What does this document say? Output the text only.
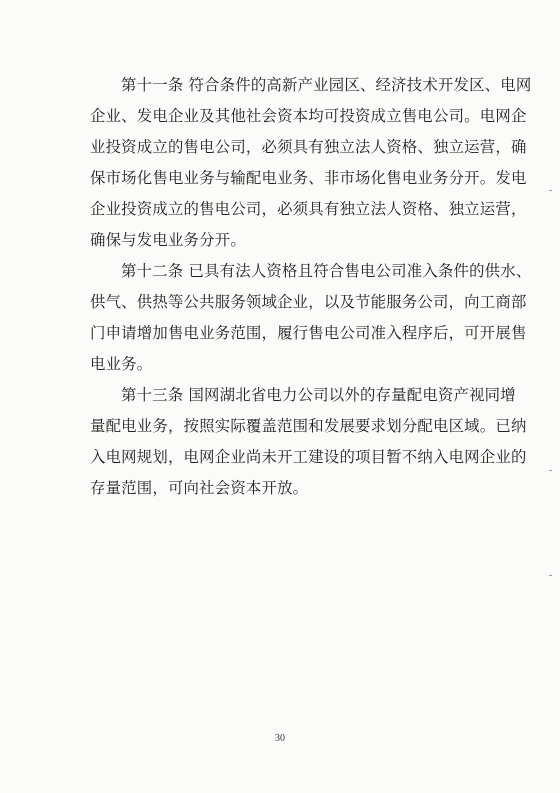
第十一条 符合条件的高新产业园区、经济技术开发区、电网
企业、发电企业及其他社会资本均可投资成立售电公司。电网企
业投资成立的售电公司，必须具有独立法人资格、独立运营，确
保市场化售电业务与输配电业务、非市场化售电业务分开。发电
企业投资成立的售电公司，必须具有独立法人资格、独立运营，
确保与发电业务分开。
第十二条 已具有法人资格且符合售电公司准入条件的供水、
供气、供热等公共服务领域企业，以及节能服务公司，向工商部
门申请增加售电业务范围，履行售电公司准入程序后，可开展售
电业务。
第十三条 国网湖北省电力公司以外的存量配电资产视同增
量配电业务，按照实际覆盖范围和发展要求划分配电区域。已纳
入电网规划，电网企业尚未开工建设的项目暂不纳入电网企业的
存量范围，可向社会资本开放。
30
